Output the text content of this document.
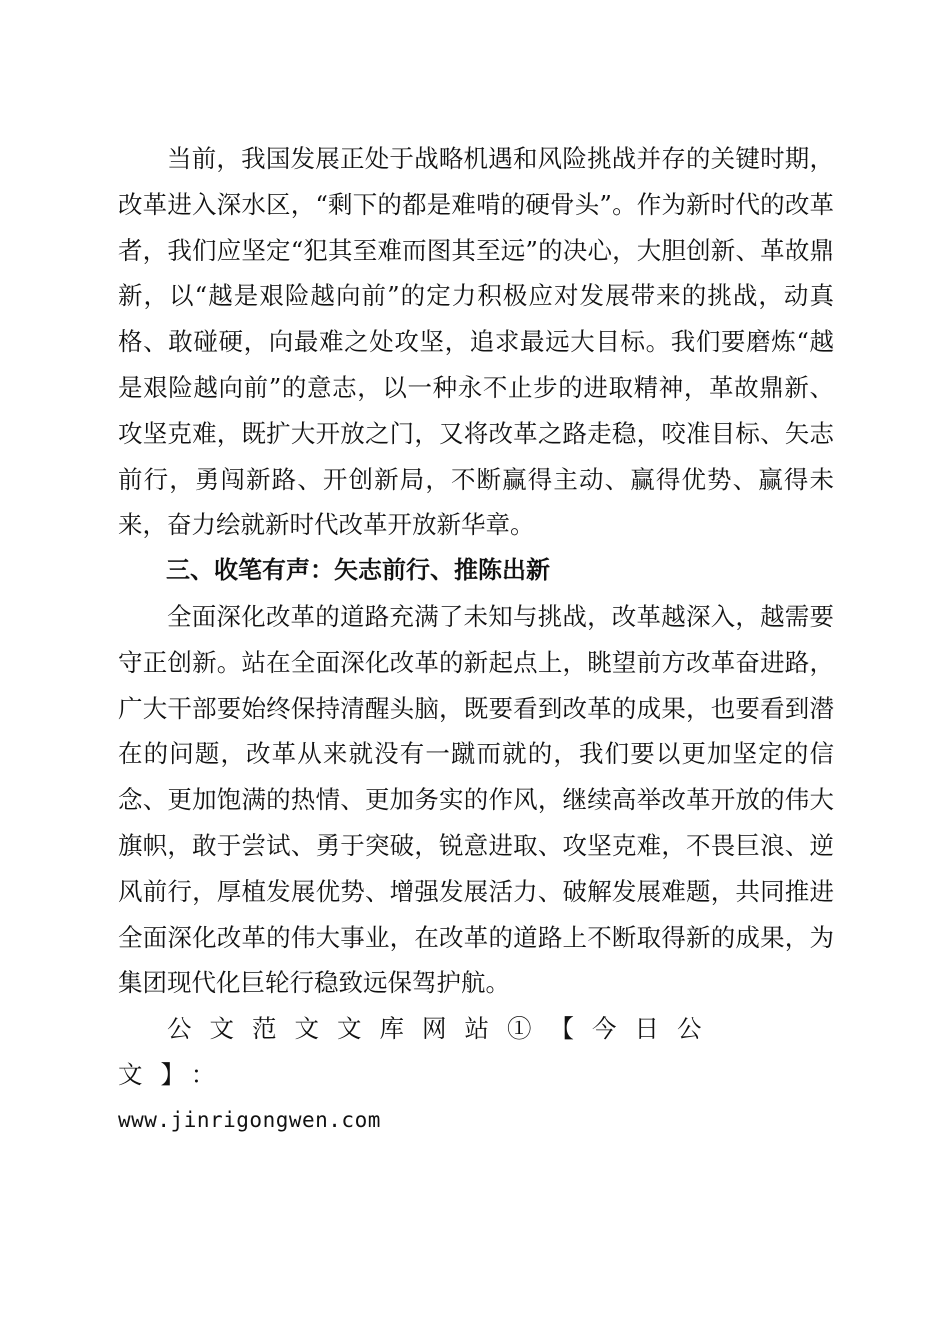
当前，我国发展正处于战略机遇和风险挑战并存的关键时期，改革进入深水区，“剩下的都是难啃的硬骨头”。作为新时代的改革者，我们应坚定“犯其至难而图其至远”的决心，大胆创新、革故鼎新，以“越是艰险越向前”的定力积极应对发展带来的挑战，动真格、敢碰硬，向最难之处攻坚，追求最远大目标。我们要磨炼“越是艰险越向前”的意志，以一种永不止步的进取精神，革故鼎新、攻坚克难，既扩大开放之门，又将改革之路走稳，咬准目标、矢志前行，勇闯新路、开创新局，不断赢得主动、赢得优势、赢得未来，奋力绘就新时代改革开放新华章。

三、收笔有声：矢志前行、推陈出新

全面深化改革的道路充满了未知与挑战，改革越深入，越需要守正创新。站在全面深化改革的新起点上，眺望前方改革奋进路，广大干部要始终保持清醒头脑，既要看到改革的成果，也要看到潜在的问题，改革从来就没有一蹴而就的，我们要以更加坚定的信念、更加饱满的热情、更加务实的作风，继续高举改革开放的伟大旗帜，敢于尝试、勇于突破，锐意进取、攻坚克难，不畏巨浪、逆风前行，厚植发展优势、增强发展活力、破解发展难题，共同推进全面深化改革的伟大事业，在改革的道路上不断取得新的成果，为集团现代化巨轮行稳致远保驾护航。

公文范文文库网站①【今日公文】：

www.jinrigongwen.com
